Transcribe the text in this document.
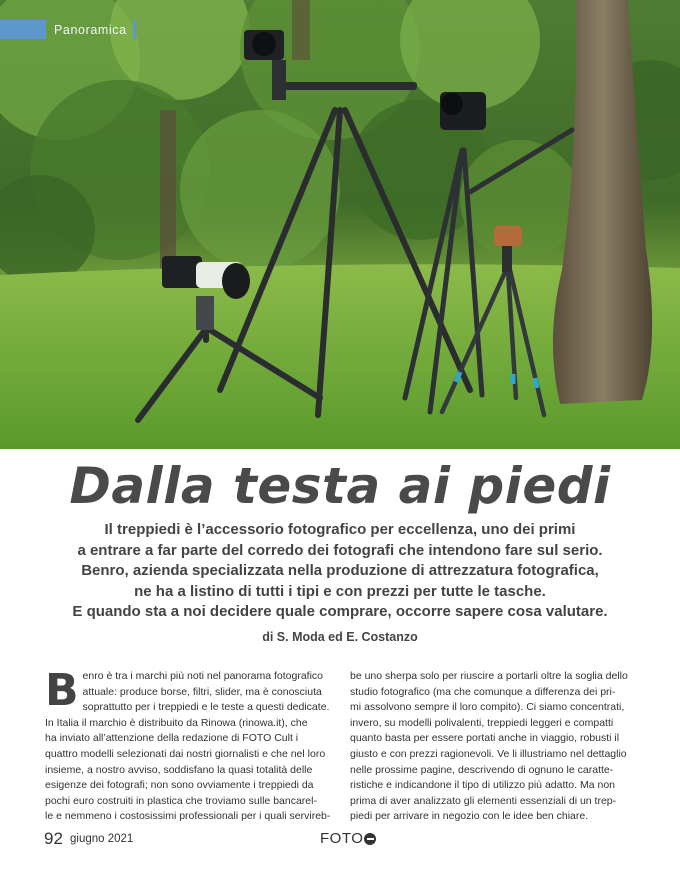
Panoramica
Dalla testa ai piedi
Il treppiedi è l’accessorio fotografico per eccellenza, uno dei primi
a entrare a far parte del corredo dei fotografi che intendono fare sul serio.
Benro, azienda specializzata nella produzione di attrezzatura fotografica,
ne ha a listino di tutti i tipi e con prezzi per tutte le tasche.
E quando sta a noi decidere quale comprare, occorre sapere cosa valutare.
di S. Moda ed E. Costanzo
B enro è tra i marchi più noti nel panorama fotografico
attuale: produce borse, filtri, slider, ma è conosciuta
soprattutto per i treppiedi e le teste a questi dedicate.
In Italia il marchio è distribuito da Rinowa (rinowa.it), che
ha inviato all’attenzione della redazione di FOTO Cult i
quattro modelli selezionati dai nostri giornalisti e che nel loro
insieme, a nostro avviso, soddisfano la quasi totalità delle
esigenze dei fotografi; non sono ovviamente i treppiedi da
pochi euro costruiti in plastica che troviamo sulle bancarel-
le e nemmeno i costosissimi professionali per i quali servireb-
be uno sherpa solo per riuscire a portarli oltre la soglia dello
studio fotografico (ma che comunque a differenza dei pri-
mi assolvono sempre il loro compito). Ci siamo concentrati,
invero, su modelli polivalenti, treppiedi leggeri e compatti
quanto basta per essere portati anche in viaggio, robusti il
giusto e con prezzi ragionevoli. Ve li illustriamo nel dettaglio
nelle prossime pagine, descrivendo di ognuno le caratte-
ristiche e indicandone il tipo di utilizzo più adatto. Ma non
prima di aver analizzato gli elementi essenziali di un trep-
piedi per arrivare in negozio con le idee ben chiare.
92 giugno 2021	FOTO
